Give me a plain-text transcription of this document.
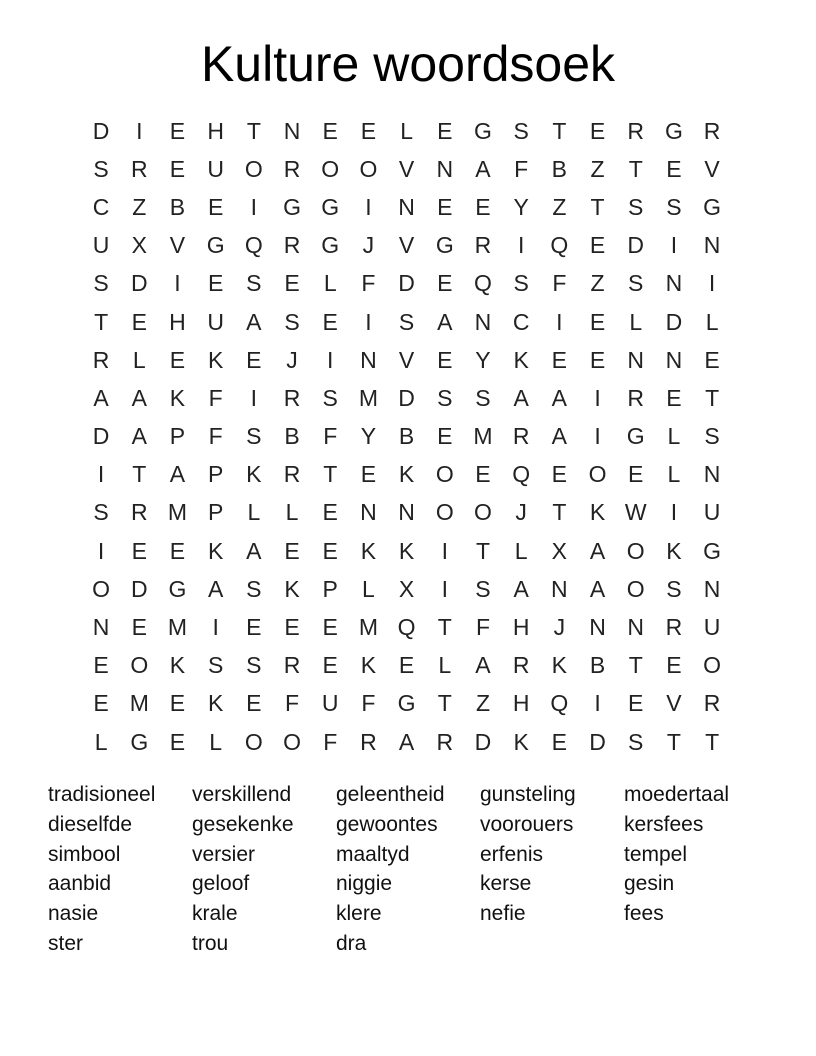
Kulture woordsoek
D	I	E H T N E E	L	E G S	T	E R G R
S R E U O R O O V N A	F	B	Z	T	E V
C Z	B E	I	G G	I	N E E Y	Z	T	S S G
U X V G Q R G	J	V G R	I	Q E D	I	N
S D	I	E S E	L	F D E Q S	F	Z	S N	I
T	E H U A S E	I	S A N C	I	E	L	D	L
R	L	E K E	J	I	N V E Y K E E N N E
A A K	F	I	R S M D S S A A	I	R E	T
D A P	F	S B	F	Y B E M R A	I	G L	S
I	T	A P K R T	E K O E Q E O E	L	N
S R M P	L	L	E N N O O	J	T	K W	I	U
I	E E K A E E K K	I	T	L	X A O K G
O D G A S K P	L	X	I	S A N A O S N
N E M	I	E E E M Q T	F H	J	N N R U
E O K S S R E K E	L	A R K B	T	E O
E M E K E	F U F G T	Z H Q	I	E V R
L G E	L O O F R A R D K E D S	T	T
tradisioneel	verskillend	geleentheid	gunsteling	moedertaal
dieselfde	gesekenke	gewoontes	voorouers	kersfees
simbool	versier	maaltyd	erfenis	tempel
aanbid	geloof	niggie	kerse	gesin
nasie	krale	klere	nefie	fees
ster	trou	dra
